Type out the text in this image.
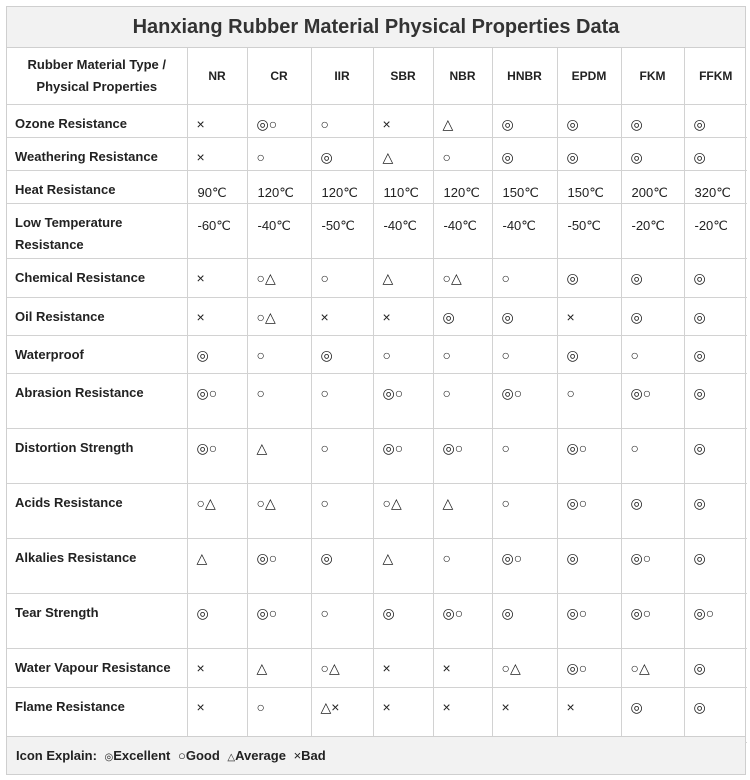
Hanxiang Rubber Material Physical Properties Data
Rubber Material Type / Physical Properties	NR	CR	IIR	SBR	NBR	HNBR	EPDM	FKM	FFKM
Ozone Resistance	×	◎○	○	×	△	◎	◎	◎	◎
Weathering Resistance	×	○	◎	△	○	◎	◎	◎	◎
Heat Resistance	90℃	120℃	120℃	110℃	120℃	150℃	150℃	200℃	320℃
Low Temperature Resistance	-60℃	-40℃	-50℃	-40℃	-40℃	-40℃	-50℃	-20℃	-20℃
Chemical Resistance	×	○△	○	△	○△	○	◎	◎	◎
Oil Resistance	×	○△	×	×	◎	◎	×	◎	◎
Waterproof	◎	○	◎	○	○	○	◎	○	◎
Abrasion Resistance	◎○	○	○	◎○	○	◎○	○	◎○	◎
Distortion Strength	◎○	△	○	◎○	◎○	○	◎○	○	◎
Acids Resistance	○△	○△	○	○△	△	○	◎○	◎	◎
Alkalies Resistance	△	◎○	◎	△	○	◎○	◎	◎○	◎
Tear Strength	◎	◎○	○	◎	◎○	◎	◎○	◎○	◎○
Water Vapour Resistance	×	△	○△	×	×	○△	◎○	○△	◎
Flame Resistance	×	○	△×	×	×	×	×	◎	◎
Icon Explain: ◎Excellent ○Good △Average ×Bad
